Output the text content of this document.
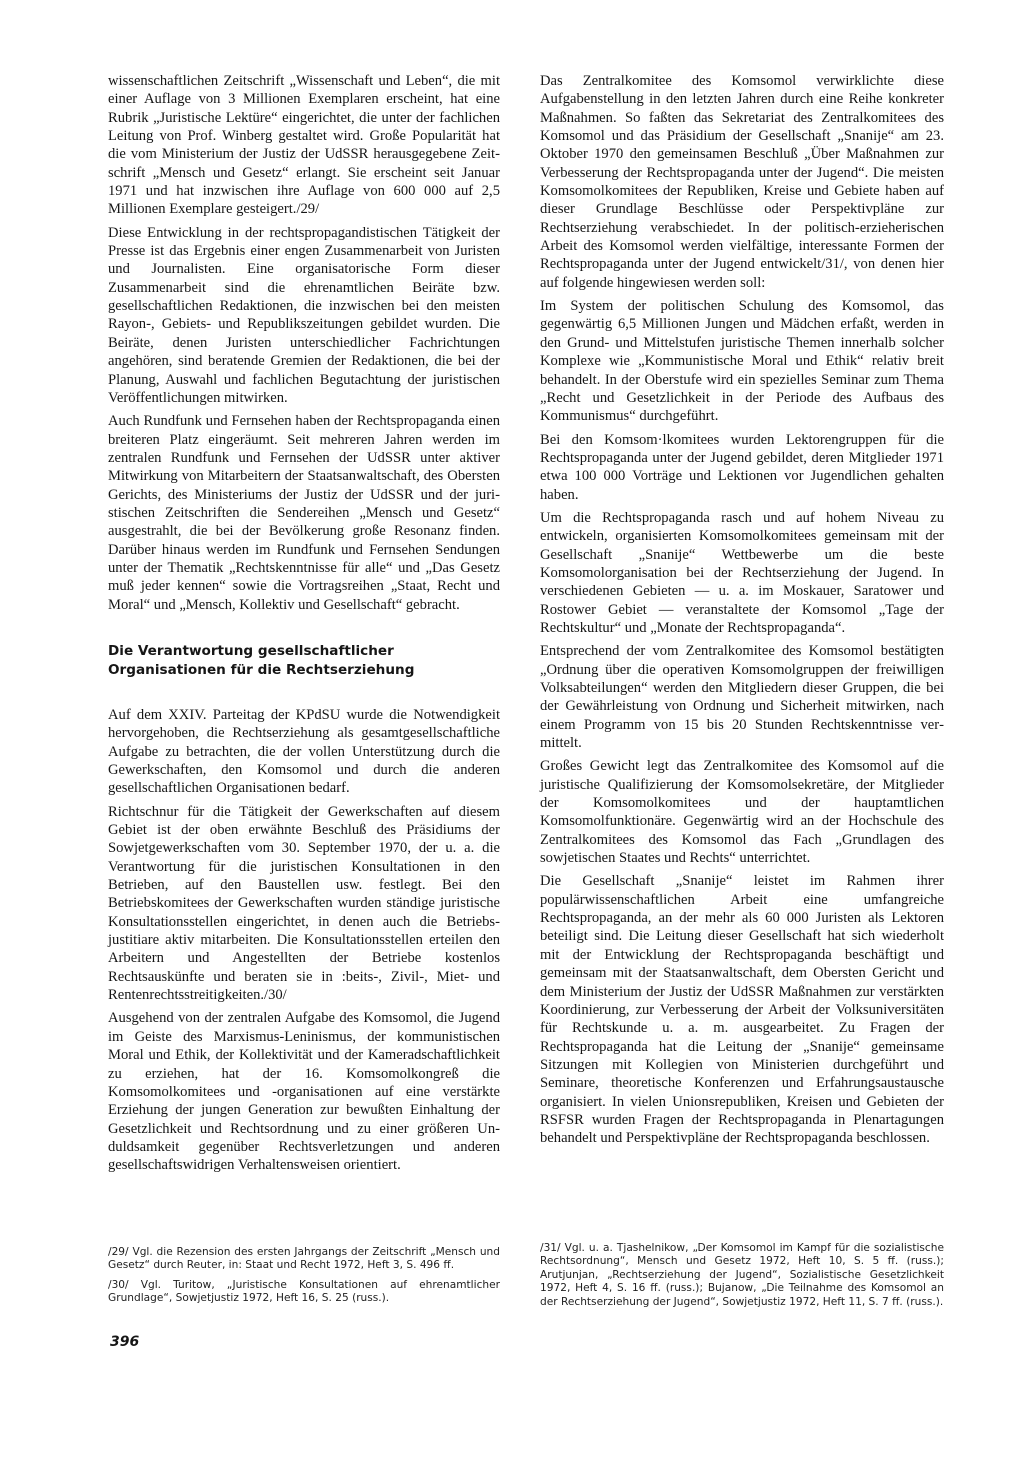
wissenschaftlichen Zeitschrift „Wissenschaft und Leben“, die mit einer Auflage von 3 Millionen Exemplaren erscheint, hat eine Rubrik „Juristische Lektüre“ eingerichtet, die unter der fachlichen Leitung von Prof. Winberg gestaltet wird. Große Popularität hat die vom Ministerium der Justiz der UdSSR herausgegebene Zeitschrift „Mensch und Gesetz“ erlangt. Sie erscheint seit Januar 1971 und hat inzwischen ihre Auflage von 600 000 auf 2,5 Millionen Exemplare gesteigert./29/

Diese Entwicklung in der rechtspropagandistischen Tätigkeit der Presse ist das Ergebnis einer engen Zusammenarbeit von Juristen und Journalisten. Eine organisatorische Form dieser Zusammenarbeit sind die ehrenamtlichen Beiräte bzw. gesellschaftlichen Redaktionen, die inzwischen bei den meisten Rayon-, Gebiets- und Republikszeitungen gebildet wurden. Die Beiräte, denen Juristen unterschiedlicher Fachrichtungen angehören, sind beratende Gremien der Redaktionen, die bei der Planung, Auswahl und fachlichen Begutachtung der juristischen Veröffentlichungen mitwirken.

Auch Rundfunk und Fernsehen haben der Rechtspropaganda einen breiteren Platz eingeräumt. Seit mehreren Jahren werden im zentralen Rundfunk und Fernsehen der UdSSR unter aktiver Mitwirkung von Mitarbeitern der Staatsanwaltschaft, des Obersten Gerichts, des Ministeriums der Justiz der UdSSR und der juristischen Zeitschriften die Sendereihen „Mensch und Gesetz“ ausgestrahlt, die bei der Bevölkerung große Resonanz finden. Darüber hinaus werden im Rundfunk und Fernsehen Sendungen unter der Thematik „Rechtskenntnisse für alle“ und „Das Gesetz muß jeder kennen“ sowie die Vortragsreihen „Staat, Recht und Moral“ und „Mensch, Kollektiv und Gesellschaft“ gebracht.

Die Verantwortung gesellschaftlicher Organisationen für die Rechtserziehung

Auf dem XXIV. Parteitag der KPdSU wurde die Notwendigkeit hervorgehoben, die Rechtserziehung als gesamtgesellschaftliche Aufgabe zu betrachten, die der vollen Unterstützung durch die Gewerkschaften, den Komsomol und durch die anderen gesellschaftlichen Organisationen bedarf.

Richtschnur für die Tätigkeit der Gewerkschaften auf diesem Gebiet ist der oben erwähnte Beschluß des Präsidiums der Sowjetgewerkschaften vom 30. September 1970, der u. a. die Verantwortung für die juristischen Konsultationen in den Betrieben, auf den Baustellen usw. festlegt. Bei den Betriebskomitees der Gewerkschaften wurden ständige juristische Konsultationsstellen eingerichtet, in denen auch die Betriebsjustitiare aktiv mitarbeiten. Die Konsultationsstellen erteilen den Arbeitern und Angestellten der Betriebe kostenlos Rechtsauskünfte und beraten sie in :beits-, Zivil-, Miet- und Rentenrechtsstreitigkeiten./30/

Ausgehend von der zentralen Aufgabe des Komsomol, die Jugend im Geiste des Marxismus-Leninismus, der kommunistischen Moral und Ethik, der Kollektivität und der Kameradschaftlichkeit zu erziehen, hat der 16. Komsomolkongreß die Komsomolkomitees und -organisationen auf eine verstärkte Erziehung der jungen Generation zur bewußten Einhaltung der Gesetzlichkeit und Rechtsordnung und zu einer größeren Unduldsamkeit gegenüber Rechtsverletzungen und anderen gesellschaftswidrigen Verhaltensweisen orientiert.

Das Zentralkomitee des Komsomol verwirklichte diese Aufgabenstellung in den letzten Jahren durch eine Reihe konkreter Maßnahmen. So faßten das Sekretariat des Zentralkomitees des Komsomol und das Präsidium der Gesellschaft „Snanije“ am 23. Oktober 1970 den gemeinsamen Beschluß „Über Maßnahmen zur Verbesserung der Rechtspropaganda unter der Jugend“. Die meisten Komsomolkomitees der Republiken, Kreise und Gebiete haben auf dieser Grundlage Beschlüsse oder Perspektivpläne zur Rechtserziehung verabschiedet. In der politisch-erzieherischen Arbeit des Komsomol werden vielfältige, interessante Formen der Rechtspropaganda unter der Jugend entwickelt/31/, von denen hier auf folgende hingewiesen werden soll:

Im System der politischen Schulung des Komsomol, das gegenwärtig 6,5 Millionen Jungen und Mädchen erfaßt, werden in den Grund- und Mittelstufen juristische Themen innerhalb solcher Komplexe wie „Kommunistische Moral und Ethik“ relativ breit behandelt. In der Oberstufe wird ein spezielles Seminar zum Thema „Recht und Gesetzlichkeit in der Periode des Aufbaus des Kommunismus“ durchgeführt.

Bei den Komsom·lkomitees wurden Lektorengruppen für die Rechtspropaganda unter der Jugend gebildet, deren Mitglieder 1971 etwa 100 000 Vorträge und Lektionen vor Jugendlichen gehalten haben.

Um die Rechtspropaganda rasch und auf hohem Niveau zu entwickeln, organisierten Komsomolkomitees gemeinsam mit der Gesellschaft „Snanije“ Wettbewerbe um die beste Komsomolorganisation bei der Rechtserziehung der Jugend. In verschiedenen Gebieten — u. a. im Moskauer, Saratower und Rostower Gebiet — veranstaltete der Komsomol „Tage der Rechtskultur“ und „Monate der Rechtspropaganda“.

Entsprechend der vom Zentralkomitee des Komsomol bestätigten „Ordnung über die operativen Komsomolgruppen der freiwilligen Volksabteilungen“ werden den Mitgliedern dieser Gruppen, die bei der Gewährleistung von Ordnung und Sicherheit mitwirken, nach einem Programm von 15 bis 20 Stunden Rechtskenntnisse vermittelt.

Großes Gewicht legt das Zentralkomitee des Komsomol auf die juristische Qualifizierung der Komsomolsekretäre, der Mitglieder der Komsomolkomitees und der hauptamtlichen Komsomolfunktionäre. Gegenwärtig wird an der Hochschule des Zentralkomitees des Komsomol das Fach „Grundlagen des sowjetischen Staates und Rechts“ unterrichtet.

Die Gesellschaft „Snanije“ leistet im Rahmen ihrer populärwissenschaftlichen Arbeit eine umfangreiche Rechtspropaganda, an der mehr als 60 000 Juristen als Lektoren beteiligt sind. Die Leitung dieser Gesellschaft hat sich wiederholt mit der Entwicklung der Rechtspropaganda beschäftigt und gemeinsam mit der Staatsanwaltschaft, dem Obersten Gericht und dem Ministerium der Justiz der UdSSR Maßnahmen zur verstärkten Koordinierung, zur Verbesserung der Arbeit der Volksuniversitäten für Rechtskunde u. a. m. ausgearbeitet. Zu Fragen der Rechtspropaganda hat die Leitung der „Snanije“ gemeinsame Sitzungen mit Kollegien von Ministerien durchgeführt und Seminare, theoretische Konferenzen und Erfahrungsaustausche organisiert. In vielen Unionsrepubliken, Kreisen und Gebieten der RSFSR wurden Fragen der Rechtspropaganda in Plenartagungen behandelt und Perspektivpläne der Rechtspropaganda beschlossen.

/29/ Vgl. die Rezension des ersten Jahrgangs der Zeitschrift „Mensch und Gesetz“ durch Reuter, in: Staat und Recht 1972, Heft 3, S. 496 ff.

/30/ Vgl. Turitow, „Juristische Konsultationen auf ehrenamtlicher Grundlage“, Sowjetjustiz 1972, Heft 16, S. 25 (russ.).

/31/ Vgl. u. a. Tjashelnikow, „Der Komsomol im Kampf für die sozialistische Rechtsordnung“, Mensch und Gesetz 1972, Heft 10, S. 5 ff. (russ.); Arutjunjan, „Rechtserziehung der Jugend“, Sozialistische Gesetzlichkeit 1972, Heft 4, S. 16 ff. (russ.); Bujanow, „Die Teilnahme des Komsomol an der Rechtserziehung der Jugend“, Sowjetjustiz 1972, Heft 11, S. 7 ff. (russ.).

396
